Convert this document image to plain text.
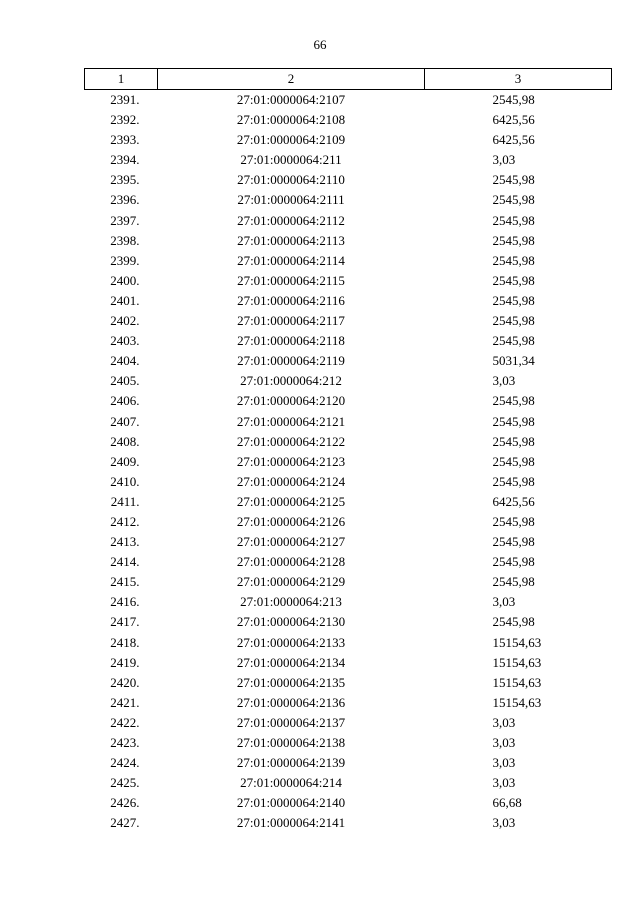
66
1	2	3
2391.	27:01:0000064:2107	2545,98
2392.	27:01:0000064:2108	6425,56
2393.	27:01:0000064:2109	6425,56
2394.	27:01:0000064:211	3,03
2395.	27:01:0000064:2110	2545,98
2396.	27:01:0000064:2111	2545,98
2397.	27:01:0000064:2112	2545,98
2398.	27:01:0000064:2113	2545,98
2399.	27:01:0000064:2114	2545,98
2400.	27:01:0000064:2115	2545,98
2401.	27:01:0000064:2116	2545,98
2402.	27:01:0000064:2117	2545,98
2403.	27:01:0000064:2118	2545,98
2404.	27:01:0000064:2119	5031,34
2405.	27:01:0000064:212	3,03
2406.	27:01:0000064:2120	2545,98
2407.	27:01:0000064:2121	2545,98
2408.	27:01:0000064:2122	2545,98
2409.	27:01:0000064:2123	2545,98
2410.	27:01:0000064:2124	2545,98
2411.	27:01:0000064:2125	6425,56
2412.	27:01:0000064:2126	2545,98
2413.	27:01:0000064:2127	2545,98
2414.	27:01:0000064:2128	2545,98
2415.	27:01:0000064:2129	2545,98
2416.	27:01:0000064:213	3,03
2417.	27:01:0000064:2130	2545,98
2418.	27:01:0000064:2133	15154,63
2419.	27:01:0000064:2134	15154,63
2420.	27:01:0000064:2135	15154,63
2421.	27:01:0000064:2136	15154,63
2422.	27:01:0000064:2137	3,03
2423.	27:01:0000064:2138	3,03
2424.	27:01:0000064:2139	3,03
2425.	27:01:0000064:214	3,03
2426.	27:01:0000064:2140	66,68
2427.	27:01:0000064:2141	3,03
